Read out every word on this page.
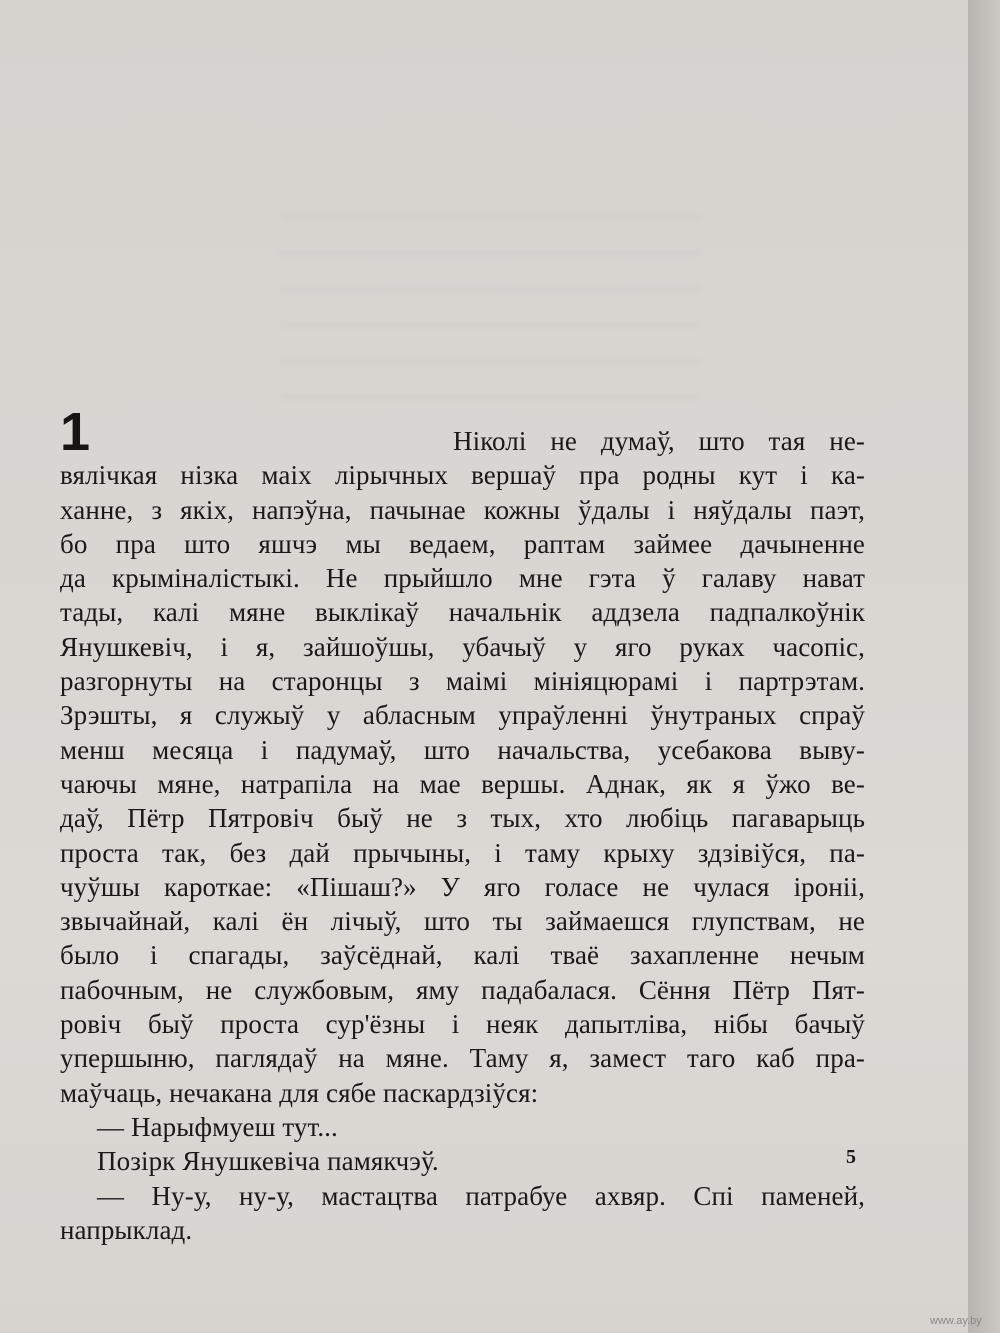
1	Ніколі не думаў, што тая не-
вялічкая нізка маіх лірычных вершаў пра родны кут і ка-
ханне, з якіх, напэўна, пачынае кожны ўдалы і няўдалы паэт,
бо пра што яшчэ мы ведаем, раптам займее дачыненне
да крыміналістыкі. Не прыйшло мне гэта ў галаву нават
тады, калі мяне выклікаў начальнік аддзела падпалкоўнік
Янушкевіч, і я, зайшоўшы, убачыў у яго руках часопіс,
разгорнуты на старонцы з маімі мініяцюрамі і партрэтам.
Зрэшты, я служыў у абласным упраўленні ўнутраных спраў
менш месяца і падумаў, што начальства, усебакова выву-
чаючы мяне, натрапіла на мае вершы. Аднак, як я ўжо ве-
даў, Пётр Пятровіч быў не з тых, хто любіць пагаварыць
проста так, без дай прычыны, і таму крыху здзівіўся, па-
чуўшы кароткае: «Пішаш?» У яго голасе не чулася іроніі,
звычайнай, калі ён лічыў, што ты займаешся глупствам, не
было і спагады, заўсёднай, калі тваё захапленне нечым
пабочным, не службовым, яму падабалася. Сёння Пётр Пят-
ровіч быў проста сур'ёзны і неяк дапытліва, нібы бачыў
упершыню, паглядаў на мяне. Таму я, замест таго каб пра-
маўчаць, нечакана для сябе паскардзіўся:
— Нарыфмуеш тут...
Позірк Янушкевіча памякчэў.
— Ну-у, ну-у, мастацтва патрабуе ахвяр. Спі паменей,
напрыклад.
5
www.ay.by
